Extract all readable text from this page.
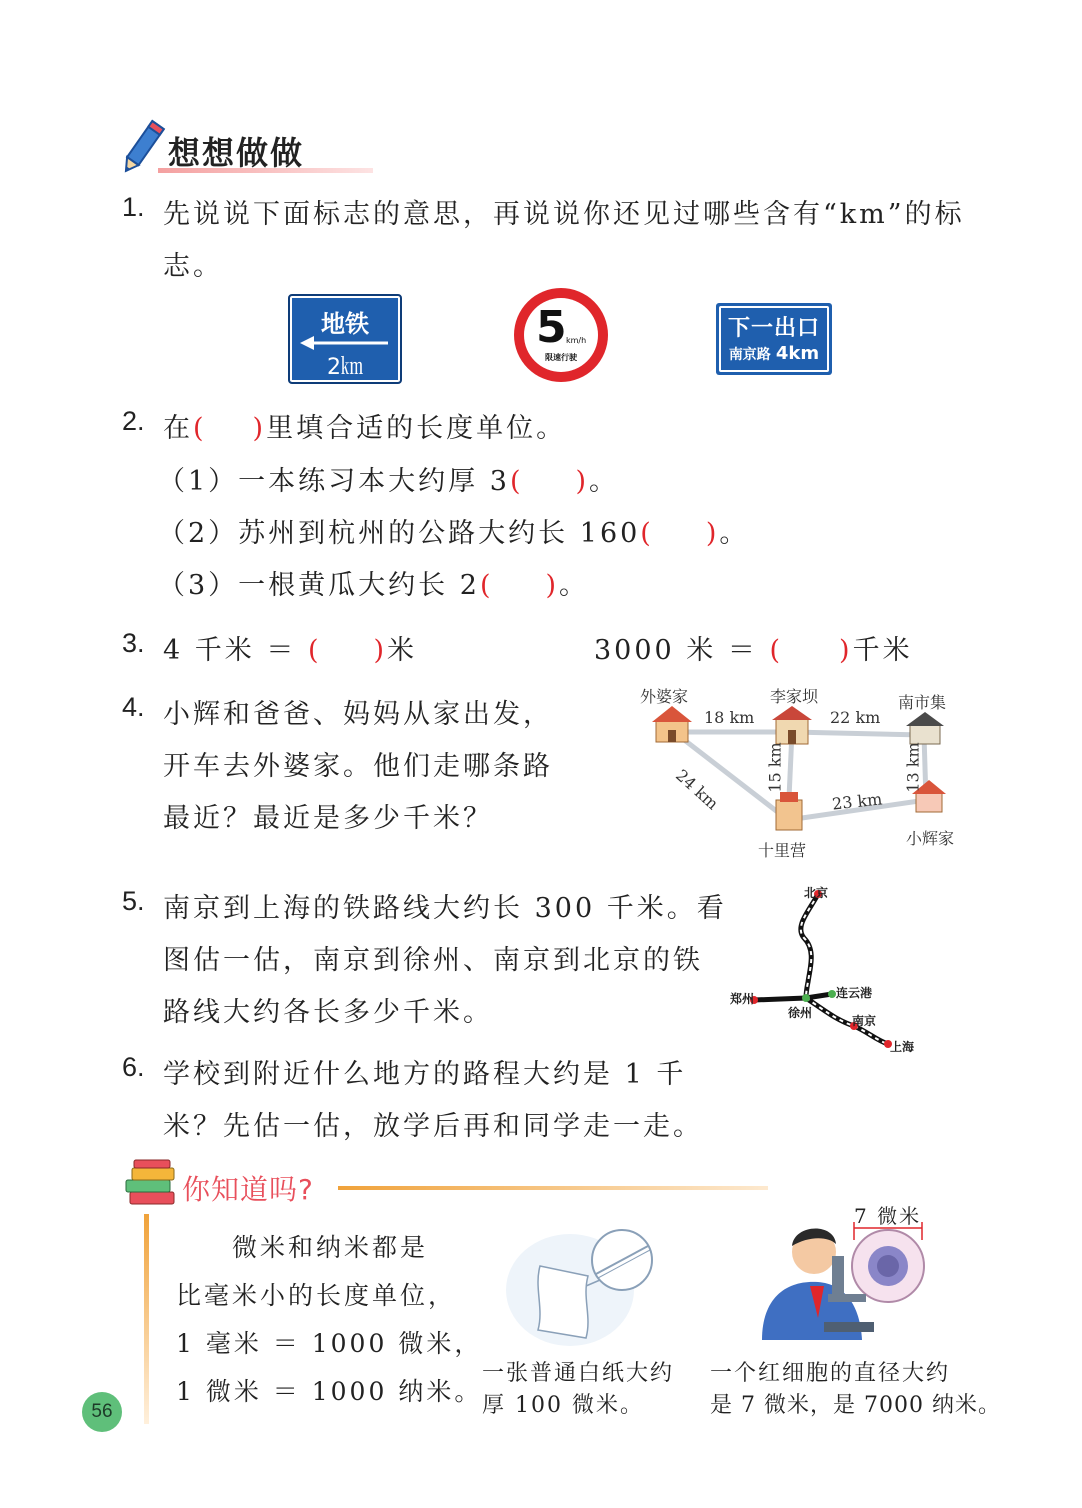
想想做做
1. 先说说下面标志的意思，再说说你还见过哪些含有“km”的标
志。
地铁
2㎞
5 km/h
限速行驶
下一出口
南京路 4km
2. 在( )里填合适的长度单位。
（1）一本练习本大约厚 3( )。
（2）苏州到杭州的公路大约长 160( )。
（3）一根黄瓜大约长 2( )。
3. 4 千米 ＝ ( )米	3000 米 ＝ ( )千米
4. 小辉和爸爸、妈妈从家出发，
开车去外婆家。他们走哪条路
最近？最近是多少千米？
外婆家	李家坝	南市集
十里营
小辉家
18 km	22 km
24 km	15 km	13 km
23 km
5. 南京到上海的铁路线大约长 300 千米。看
图估一估，南京到徐州、南京到北京的铁
路线大约各长多少千米。
北京
郑州
徐州
连云港
南京
上海
6. 学校到附近什么地方的路程大约是 1 千
米？先估一估，放学后再和同学走一走。
你知道吗?
微米和纳米都是
比毫米小的长度单位，
1 毫米 ＝ 1000 微米，
1 微米 ＝ 1000 纳米。
一张普通白纸大约
厚 100 微米。
7 微米
一个红细胞的直径大约
是 7 微米，是 7000 纳米。
56
